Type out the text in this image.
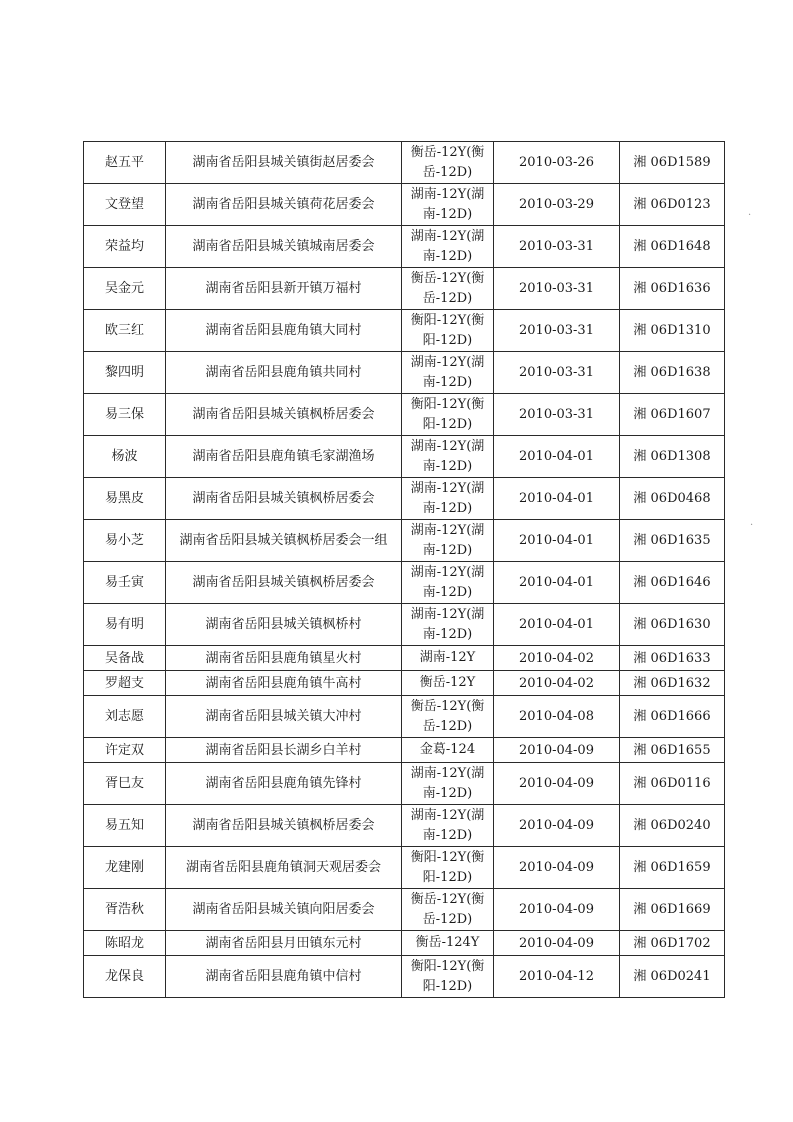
·
·
赵五平	湖南省岳阳县城关镇街赵居委会	衡岳-12Y(衡岳-12D)	2010-03-26	湘 06D1589
文登望	湖南省岳阳县城关镇荷花居委会	湖南-12Y(湖南-12D)	2010-03-29	湘 06D0123
荣益均	湖南省岳阳县城关镇城南居委会	湖南-12Y(湖南-12D)	2010-03-31	湘 06D1648
吴金元	湖南省岳阳县新开镇万福村	衡岳-12Y(衡岳-12D)	2010-03-31	湘 06D1636
欧三红	湖南省岳阳县鹿角镇大同村	衡阳-12Y(衡阳-12D)	2010-03-31	湘 06D1310
黎四明	湖南省岳阳县鹿角镇共同村	湖南-12Y(湖南-12D)	2010-03-31	湘 06D1638
易三保	湖南省岳阳县城关镇枫桥居委会	衡阳-12Y(衡阳-12D)	2010-03-31	湘 06D1607
杨波	湖南省岳阳县鹿角镇毛家湖渔场	湖南-12Y(湖南-12D)	2010-04-01	湘 06D1308
易黑皮	湖南省岳阳县城关镇枫桥居委会	湖南-12Y(湖南-12D)	2010-04-01	湘 06D0468
易小芝	湖南省岳阳县城关镇枫桥居委会一组	湖南-12Y(湖南-12D)	2010-04-01	湘 06D1635
易壬寅	湖南省岳阳县城关镇枫桥居委会	湖南-12Y(湖南-12D)	2010-04-01	湘 06D1646
易有明	湖南省岳阳县城关镇枫桥村	湖南-12Y(湖南-12D)	2010-04-01	湘 06D1630
吴备战	湖南省岳阳县鹿角镇星火村	湖南-12Y	2010-04-02	湘 06D1633
罗超支	湖南省岳阳县鹿角镇牛高村	衡岳-12Y	2010-04-02	湘 06D1632
刘志愿	湖南省岳阳县城关镇大冲村	衡岳-12Y(衡岳-12D)	2010-04-08	湘 06D1666
许定双	湖南省岳阳县长湖乡白羊村	金葛-124	2010-04-09	湘 06D1655
胥巳友	湖南省岳阳县鹿角镇先锋村	湖南-12Y(湖南-12D)	2010-04-09	湘 06D0116
易五知	湖南省岳阳县城关镇枫桥居委会	湖南-12Y(湖南-12D)	2010-04-09	湘 06D0240
龙建刚	湖南省岳阳县鹿角镇洞天观居委会	衡阳-12Y(衡阳-12D)	2010-04-09	湘 06D1659
胥浩秋	湖南省岳阳县城关镇向阳居委会	衡岳-12Y(衡岳-12D)	2010-04-09	湘 06D1669
陈昭龙	湖南省岳阳县月田镇东元村	衡岳-124Y	2010-04-09	湘 06D1702
龙保良	湖南省岳阳县鹿角镇中信村	衡阳-12Y(衡阳-12D)	2010-04-12	湘 06D0241
